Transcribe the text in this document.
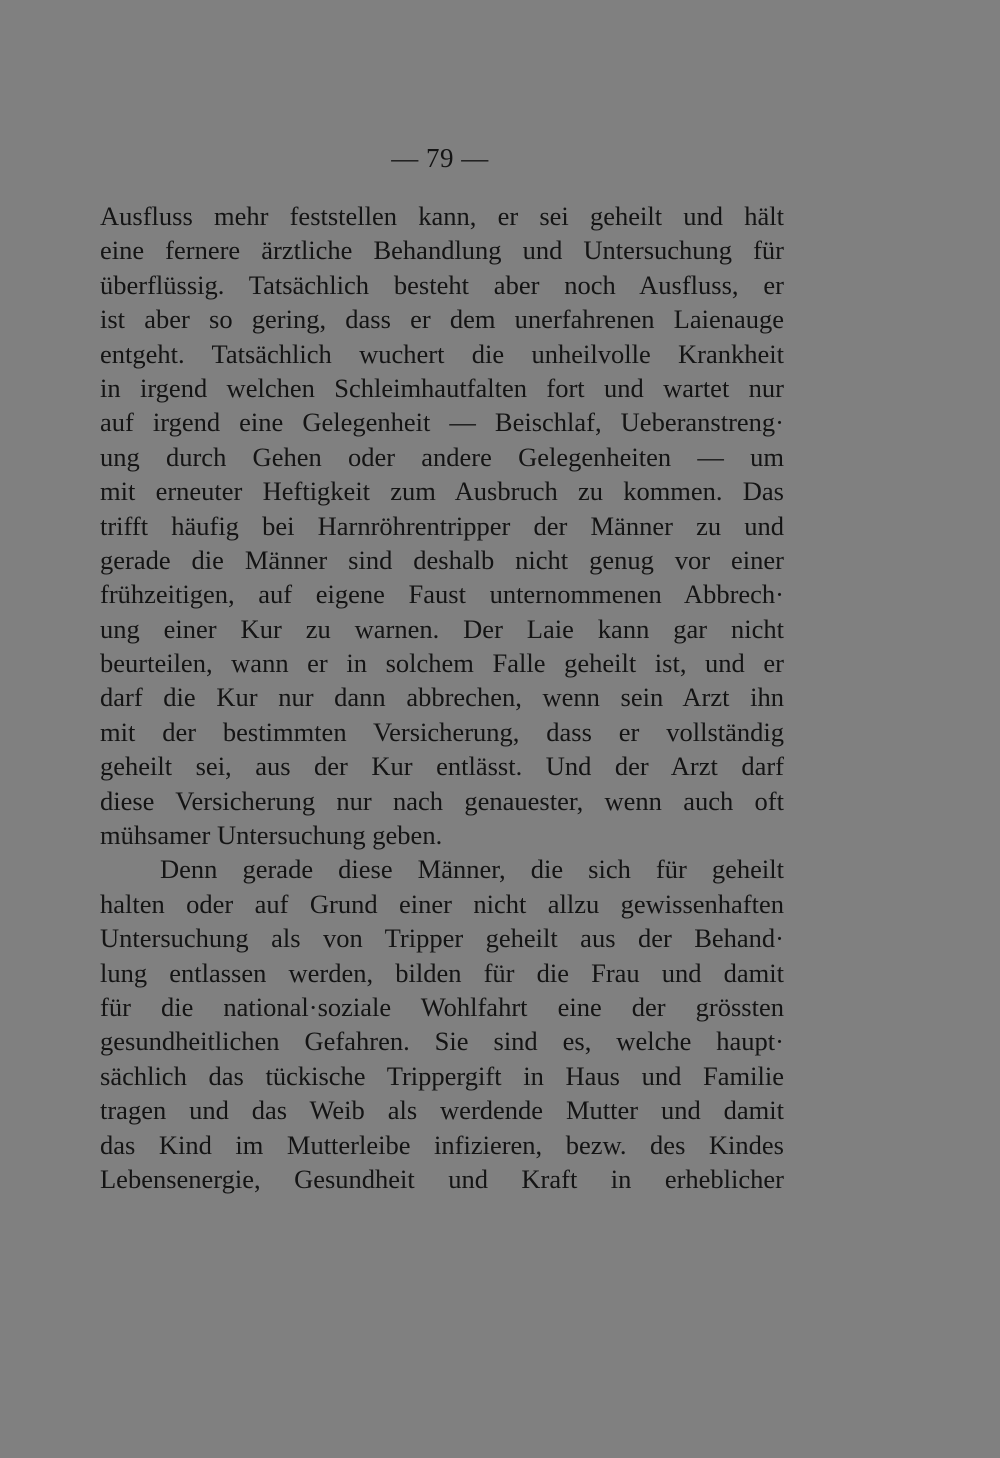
— 79 —
Ausfluss mehr feststellen kann, er sei geheilt und hält
eine fernere ärztliche Behandlung und Untersuchung für
überflüssig. Tatsächlich besteht aber noch Ausfluss, er
ist aber so gering, dass er dem unerfahrenen Laienauge
entgeht. Tatsächlich wuchert die unheilvolle Krankheit
in irgend welchen Schleimhautfalten fort und wartet nur
auf irgend eine Gelegenheit — Beischlaf, Ueberanstreng·
ung durch Gehen oder andere Gelegenheiten — um
mit erneuter Heftigkeit zum Ausbruch zu kommen. Das
trifft häufig bei Harnröhrentripper der Männer zu und
gerade die Männer sind deshalb nicht genug vor einer
frühzeitigen, auf eigene Faust unternommenen Abbrech·
ung einer Kur zu warnen. Der Laie kann gar nicht
beurteilen, wann er in solchem Falle geheilt ist, und er
darf die Kur nur dann abbrechen, wenn sein Arzt ihn
mit der bestimmten Versicherung, dass er vollständig
geheilt sei, aus der Kur entlässt. Und der Arzt darf
diese Versicherung nur nach genauester, wenn auch oft
mühsamer Untersuchung geben.
Denn gerade diese Männer, die sich für geheilt
halten oder auf Grund einer nicht allzu gewissenhaften
Untersuchung als von Tripper geheilt aus der Behand·
lung entlassen werden, bilden für die Frau und damit
für die national·soziale Wohlfahrt eine der grössten
gesundheitlichen Gefahren. Sie sind es, welche haupt·
sächlich das tückische Trippergift in Haus und Familie
tragen und das Weib als werdende Mutter und damit
das Kind im Mutterleibe infizieren, bezw. des Kindes
Lebensenergie, Gesundheit und Kraft in erheblicher
